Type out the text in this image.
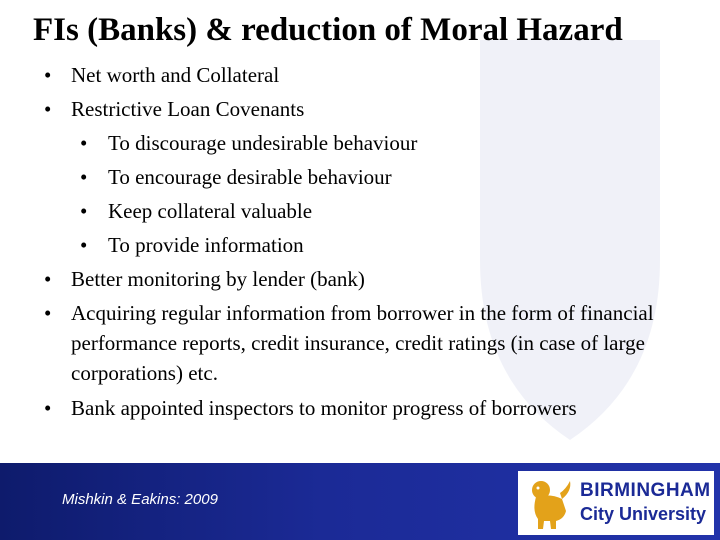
FIs (Banks) & reduction of Moral Hazard
• Net worth and Collateral
• Restrictive Loan Covenants
• To discourage undesirable behaviour
• To encourage desirable behaviour
• Keep collateral valuable
• To provide information
• Better monitoring by lender (bank)
• Acquiring regular information from borrower in the form of financial performance reports, credit insurance, credit ratings (in case of large corporations) etc.
• Bank appointed inspectors to monitor progress of borrowers
Mishkin & Eakins: 2009	BIRMINGHAM
City University
